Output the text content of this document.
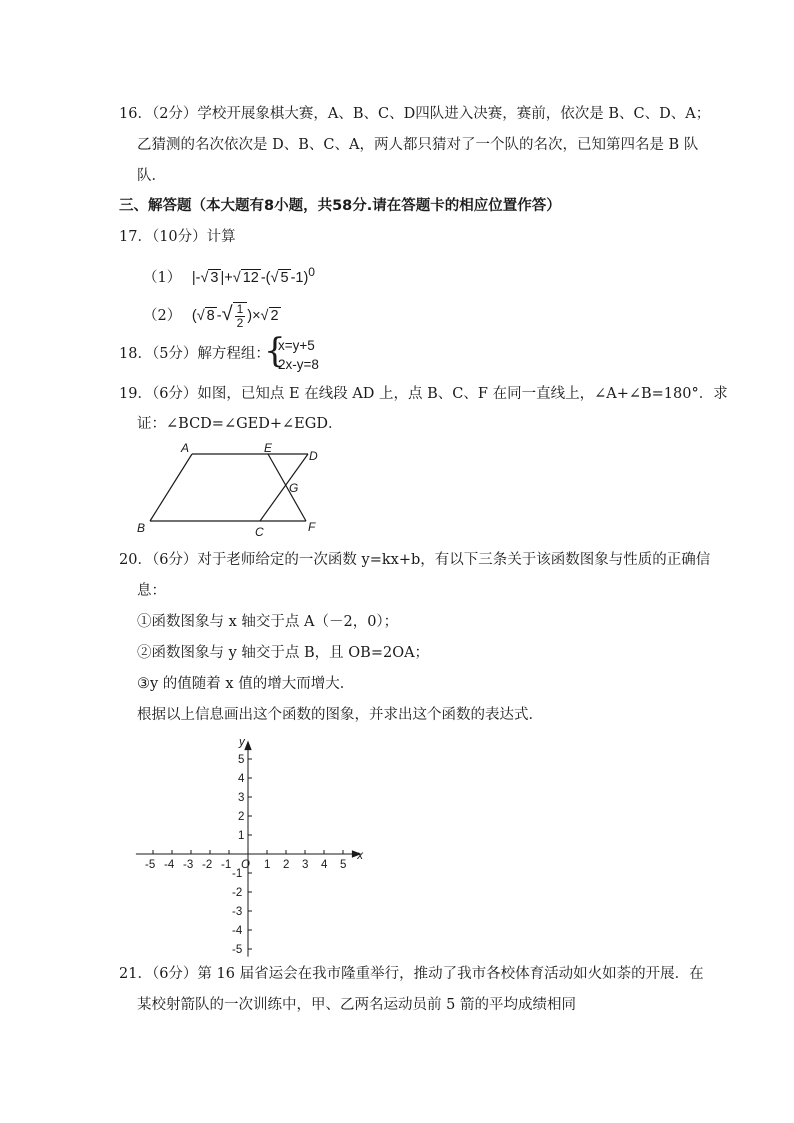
16．（2分）学校开展象棋大赛，A、B、C、D四队进入决赛，赛前，依次是 B、C、D、A；
乙猜测的名次依次是 D、B、C、A，两人都只猜对了一个队的名次，已知第四名是 B 队
队．
三、解答题（本大题有8小题，共58分.请在答题卡的相应位置作答）
17．（10分）计算
（1） |-√ 3 |+√ 12 -(√ 5 -1)$^0$
（2） (√ 8 -√ $\frac{1}{2}$ )×√ 2
18．（5分）解方程组：
{
x=y+5
2x-y=8
19．（6分）如图，已知点 E 在线段 AD 上，点 B、C、F 在同一直线上，∠A+∠B=180°．求
证：∠BCD=∠GED+∠EGD．
A	E
D
G
B	C	F
20．（6分）对于老师给定的一次函数 y=kx+b，有以下三条关于该函数图象与性质的正确信
息：
①函数图象与 x 轴交于点 A（－2，0）；
②函数图象与 y 轴交于点 B，且 OB=2OA；
③y 的值随着 x 值的增大而增大．
根据以上信息画出这个函数的图象，并求出这个函数的表达式．
-5 -4 -3 -2 -1	1 2 3 4 5
5
4
3
2
1
-1
-2
-3
-4
-5
x
y
O
21．（6分）第 16 届省运会在我市隆重举行，推动了我市各校体育活动如火如荼的开展．在
某校射箭队的一次训练中，甲、乙两名运动员前 5 箭的平均成绩相同
